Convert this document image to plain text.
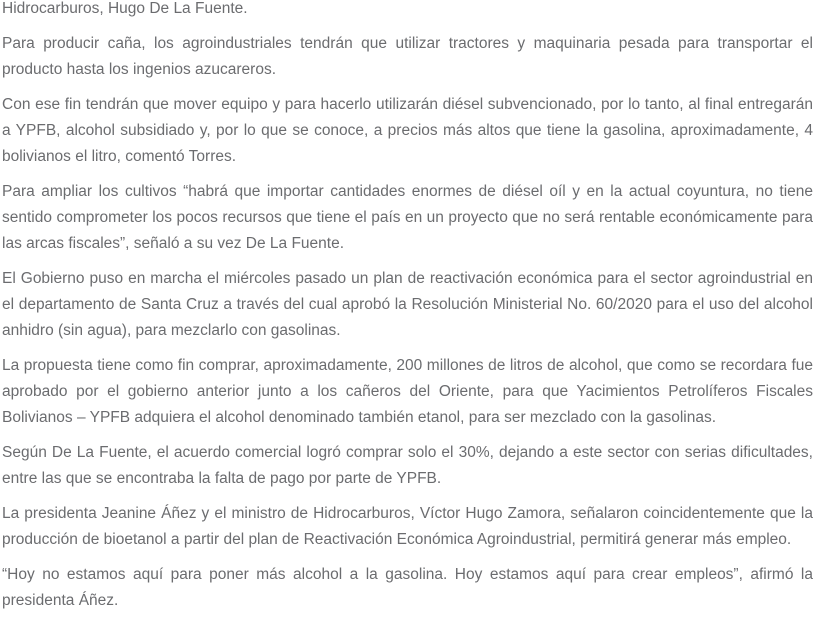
Hidrocarburos, Hugo De La Fuente.

Para producir caña, los agroindustriales tendrán que utilizar tractores y maquinaria pesada para transportar el producto hasta los ingenios azucareros.

Con ese fin tendrán que mover equipo y para hacerlo utilizarán diésel subvencionado, por lo tanto, al final entregarán a YPFB, alcohol subsidiado y, por lo que se conoce, a precios más altos que tiene la gasolina, aproximadamente, 4 bolivianos el litro, comentó Torres.

Para ampliar los cultivos “habrá que importar cantidades enormes de diésel oíl y en la actual coyuntura, no tiene sentido comprometer los pocos recursos que tiene el país en un proyecto que no será rentable económicamente para las arcas fiscales”, señaló a su vez De La Fuente.

El Gobierno puso en marcha el miércoles pasado un plan de reactivación económica para el sector agroindustrial en el departamento de Santa Cruz a través del cual aprobó la Resolución Ministerial No. 60/2020 para el uso del alcohol anhidro (sin agua), para mezclarlo con gasolinas.

La propuesta tiene como fin comprar, aproximadamente, 200 millones de litros de alcohol, que como se recordara fue aprobado por el gobierno anterior junto a los cañeros del Oriente, para que Yacimientos Petrolíferos Fiscales Bolivianos – YPFB adquiera el alcohol denominado también etanol, para ser mezclado con la gasolinas.

Según De La Fuente, el acuerdo comercial logró comprar solo el 30%, dejando a este sector con serias dificultades, entre las que se encontraba la falta de pago por parte de YPFB.

La presidenta Jeanine Áñez y el ministro de Hidrocarburos, Víctor Hugo Zamora, señalaron coincidentemente que la producción de bioetanol a partir del plan de Reactivación Económica Agroindustrial, permitirá generar más empleo.

“Hoy no estamos aquí para poner más alcohol a la gasolina. Hoy estamos aquí para crear empleos”, afirmó la presidenta Áñez.
